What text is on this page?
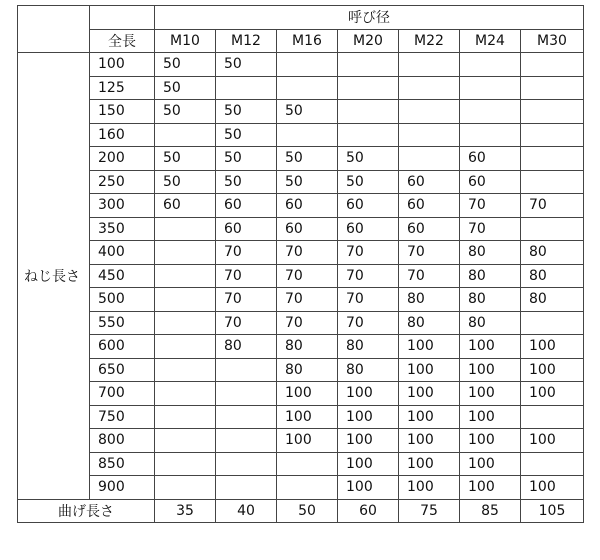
		呼び径						
	全長	M10	M12	M16	M20	M22	M24	M30
ねじ長さ	100	50	50					
	125	50						
	150	50	50	50				
	160		50					
	200	50	50	50	50		60	
	250	50	50	50	50	60	60	
	300	60	60	60	60	60	70	70
	350		60	60	60	60	70	
	400		70	70	70	70	80	80
	450		70	70	70	70	80	80
	500		70	70	70	80	80	80
	550		70	70	70	80	80	
	600		80	80	80	100	100	100
	650			80	80	100	100	100
	700			100	100	100	100	100
	750			100	100	100	100	
	800			100	100	100	100	100
	850				100	100	100	
	900				100	100	100	100
曲げ長さ		35	40	50	60	75	85	105
